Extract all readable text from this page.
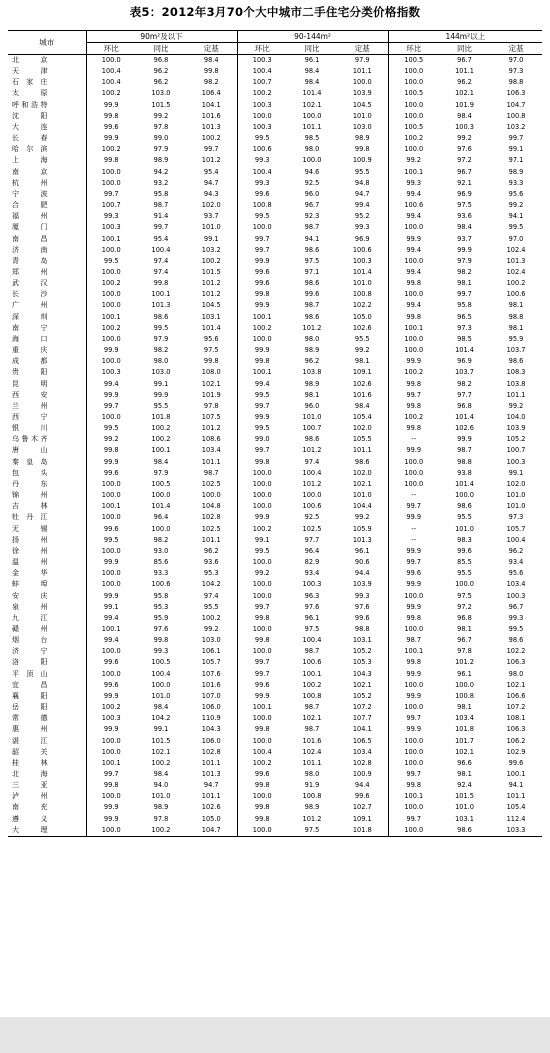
表5：2012年3月70个大中城市二手住宅分类价格指数
城市	90m²及以下			90-144m²			144m²以上		
	环比	同比	定基	环比	同比	定基	环比	同比	定基
北京	100.0	96.8	98.4	100.3	96.1	97.9	100.5	96.7	97.0
天津	100.4	96.2	99.8	100.4	98.4	101.1	100.0	101.1	97.3
石家庄	100.4	96.2	98.2	100.7	98.4	100.0	100.0	96.2	98.8
太原	100.2	103.0	106.4	100.2	101.4	103.9	100.5	102.1	106.3
呼和浩特	99.9	101.5	104.1	100.3	102.1	104.5	100.0	101.9	104.7
沈阳	99.8	99.2	101.6	100.0	100.0	101.0	100.0	98.4	100.8
大连	99.6	97.8	101.3	100.3	101.1	103.0	100.5	100.3	103.2
长春	99.9	99.0	100.2	99.5	98.5	98.9	100.2	99.2	99.7
哈尔滨	100.2	97.9	99.7	100.6	98.0	99.8	100.0	97.6	99.1
上海	99.8	98.9	101.2	99.3	100.0	100.9	99.2	97.2	97.1
南京	100.0	94.2	95.4	100.4	94.6	95.5	100.1	96.7	98.9
杭州	100.0	93.2	94.7	99.3	92.5	94.8	99.3	92.1	93.3
宁波	99.7	95.8	94.3	99.6	96.0	94.7	99.4	96.9	95.6
合肥	100.7	98.7	102.0	100.8	96.7	99.4	100.6	97.5	99.2
福州	99.3	91.4	93.7	99.5	92.3	95.2	99.4	93.6	94.1
厦门	100.3	99.7	101.0	100.0	98.7	99.3	100.0	98.4	99.5
南昌	100.1	95.4	99.1	99.7	94.1	96.9	99.9	93.7	97.0
济南	100.0	100.4	103.2	99.7	98.6	100.6	99.4	99.9	102.4
青岛	99.5	97.4	100.2	99.9	97.5	100.3	100.0	97.9	101.3
郑州	100.0	97.4	101.5	99.6	97.1	101.4	99.4	98.2	102.4
武汉	100.2	99.8	101.2	99.6	98.6	101.0	99.8	98.1	100.2
长沙	100.0	100.1	101.2	99.8	99.6	100.8	100.0	99.7	100.6
广州	100.0	101.3	104.5	99.9	98.7	102.2	99.4	95.8	98.1
深圳	100.1	98.6	103.1	100.1	98.6	105.0	99.8	96.5	98.8
南宁	100.2	99.5	101.4	100.2	101.2	102.6	100.1	97.3	98.1
海口	100.0	97.9	95.6	100.0	98.0	95.5	100.0	98.5	95.9
重庆	99.9	98.2	97.5	99.9	98.9	99.2	100.0	101.4	103.7
成都	100.0	98.0	99.8	99.8	96.2	98.1	99.9	96.9	98.6
贵阳	100.3	103.0	108.0	100.1	103.8	109.1	100.2	103.7	108.3
昆明	99.4	99.1	102.1	99.4	98.9	102.6	99.8	98.2	103.8
西安	99.9	99.9	101.9	99.5	98.1	101.6	99.7	97.7	101.1
兰州	99.7	95.5	97.8	99.7	96.0	98.4	99.8	96.8	99.2
西宁	100.0	101.8	107.5	99.9	101.0	105.4	100.2	101.4	104.0
银川	99.5	100.2	101.2	99.5	100.7	102.0	99.8	102.6	103.9
乌鲁木齐	99.2	100.2	108.6	99.0	98.6	105.5	--	99.9	105.2
唐山	99.8	100.1	103.4	99.7	101.2	101.1	99.9	98.7	100.7
秦皇岛	99.9	98.4	101.1	99.8	97.4	98.6	100.0	98.8	100.3
包头	99.6	97.9	98.7	100.0	100.4	102.0	100.0	93.8	99.1
丹东	100.0	100.5	102.5	100.0	101.2	102.1	100.0	101.4	102.0
锦州	100.0	100.0	100.0	100.0	100.0	101.0	--	100.0	101.0
吉林	100.1	101.4	104.8	100.0	100.6	104.4	99.7	98.6	101.0
牡丹江	100.0	96.4	102.8	99.9	92.5	99.2	99.9	95.5	97.3
无锡	99.6	100.0	102.5	100.2	102.5	105.9	--	101.0	105.7
扬州	99.5	98.2	101.1	99.1	97.7	101.3	--	98.3	100.4
徐州	100.0	93.0	96.2	99.5	96.4	96.1	99.9	99.6	96.2
温州	99.9	85.6	93.6	100.0	82.9	90.6	99.7	85.5	93.4
金华	100.0	93.3	95.3	99.2	93.4	94.4	99.6	95.5	95.6
蚌埠	100.0	100.6	104.2	100.0	100.3	103.9	99.9	100.0	103.4
安庆	99.9	95.8	97.4	100.0	96.3	99.3	100.0	97.5	100.3
泉州	99.1	95.3	95.5	99.7	97.6	97.6	99.9	97.2	96.7
九江	99.4	95.9	100.2	99.8	96.1	99.6	99.8	96.8	99.3
赣州	100.1	97.6	99.2	100.0	97.5	98.8	100.0	98.1	99.5
烟台	99.4	99.8	103.0	99.8	100.4	103.1	98.7	96.7	98.6
济宁	100.0	99.3	106.1	100.0	98.7	105.2	100.1	97.8	102.2
洛阳	99.6	100.5	105.7	99.7	100.6	105.3	99.8	101.2	106.3
平顶山	100.0	100.4	107.6	99.7	100.1	104.3	99.9	96.1	98.0
宜昌	99.6	100.0	101.6	99.6	100.2	102.1	100.0	100.0	102.1
襄阳	99.9	101.0	107.0	99.9	100.8	105.2	99.9	100.8	106.6
岳阳	100.2	98.4	106.0	100.1	98.7	107.2	100.0	98.1	107.2
常德	100.3	104.2	110.9	100.0	102.1	107.7	99.7	103.4	108.1
惠州	99.9	99.1	104.3	99.8	98.7	104.1	99.9	101.8	106.3
湛江	100.0	101.5	106.0	100.0	101.6	106.5	100.0	101.7	106.2
韶关	100.0	102.1	102.8	100.4	102.4	103.4	100.0	102.1	102.9
桂林	100.1	100.2	101.1	100.2	101.1	102.8	100.0	96.6	99.6
北海	99.7	98.4	101.3	99.6	98.0	100.9	99.7	98.1	100.1
三亚	99.8	94.0	94.7	99.8	91.9	94.4	99.8	92.4	94.1
泸州	100.0	101.0	101.1	100.0	100.8	99.6	100.1	101.5	101.1
南充	99.9	98.9	102.6	99.8	98.9	102.7	100.0	101.0	105.4
遵义	99.9	97.8	105.0	99.8	101.2	109.1	99.7	103.1	112.4
大理	100.0	100.2	104.7	100.0	97.5	101.8	100.0	98.6	103.3
